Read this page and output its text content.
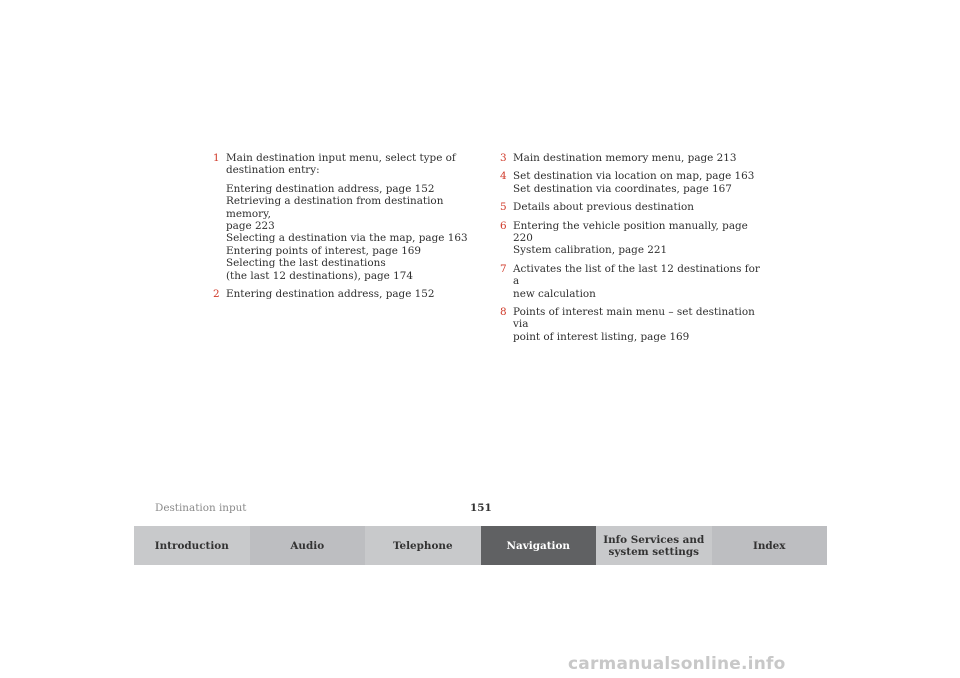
1 Main destination input menu, select type of
destination entry:
Entering destination address, page 152
Retrieving a destination from destination memory,
page 223
Selecting a destination via the map, page 163
Entering points of interest, page 169
Selecting the last destinations
(the last 12 destinations), page 174
2 Entering destination address, page 152
3 Main destination memory menu, page 213
4 Set destination via location on map, page 163
Set destination via coordinates, page 167
5 Details about previous destination
6 Entering the vehicle position manually, page 220
System calibration, page 221
7 Activates the list of the last 12 destinations for a
new calculation
8 Points of interest main menu – set destination via
point of interest listing, page 169
Destination input	151
Introduction	Audio	Telephone	Navigation	Info Services and
system settings	Index
carmanualsonline.info
